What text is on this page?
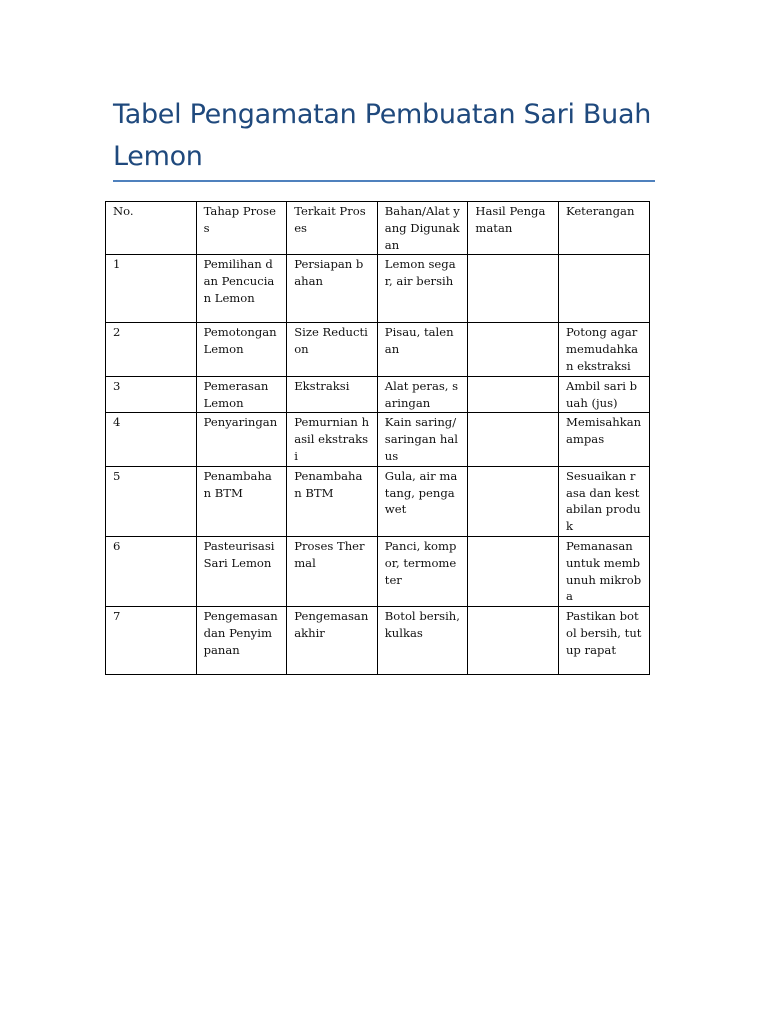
Tabel Pengamatan Pembuatan Sari Buah Lemon
No.	Tahap Proses	Terkait Proses	Bahan/Alat yang Digunakan	Hasil Pengamatan	Keterangan

1	Pemilihan dan Pencucian Lemon	Persiapan bahan	Lemon segar, air bersih		

2	Pemotongan Lemon	Size Reduction	Pisau, talenan		Potong agar memudahkan ekstraksi

3	Pemerasan Lemon	Ekstraksi	Alat peras, saringan		Ambil sari buah (jus)

4	Penyaringan	Pemurnian hasil ekstraksi	Kain saring/saringan halus		Memisahkan ampas

5	Penambahan BTM	Penambahan BTM	Gula, air matang, pengawet		Sesuaikan rasa dan kestabilan produk

6	Pasteurisasi Sari Lemon	Proses Thermal	Panci, kompor, termometer		Pemanasan untuk membunuh mikroba

7	Pengemasan dan Penyimpanan	Pengemasan akhir	Botol bersih, kulkas		Pastikan botol bersih, tutup rapat
